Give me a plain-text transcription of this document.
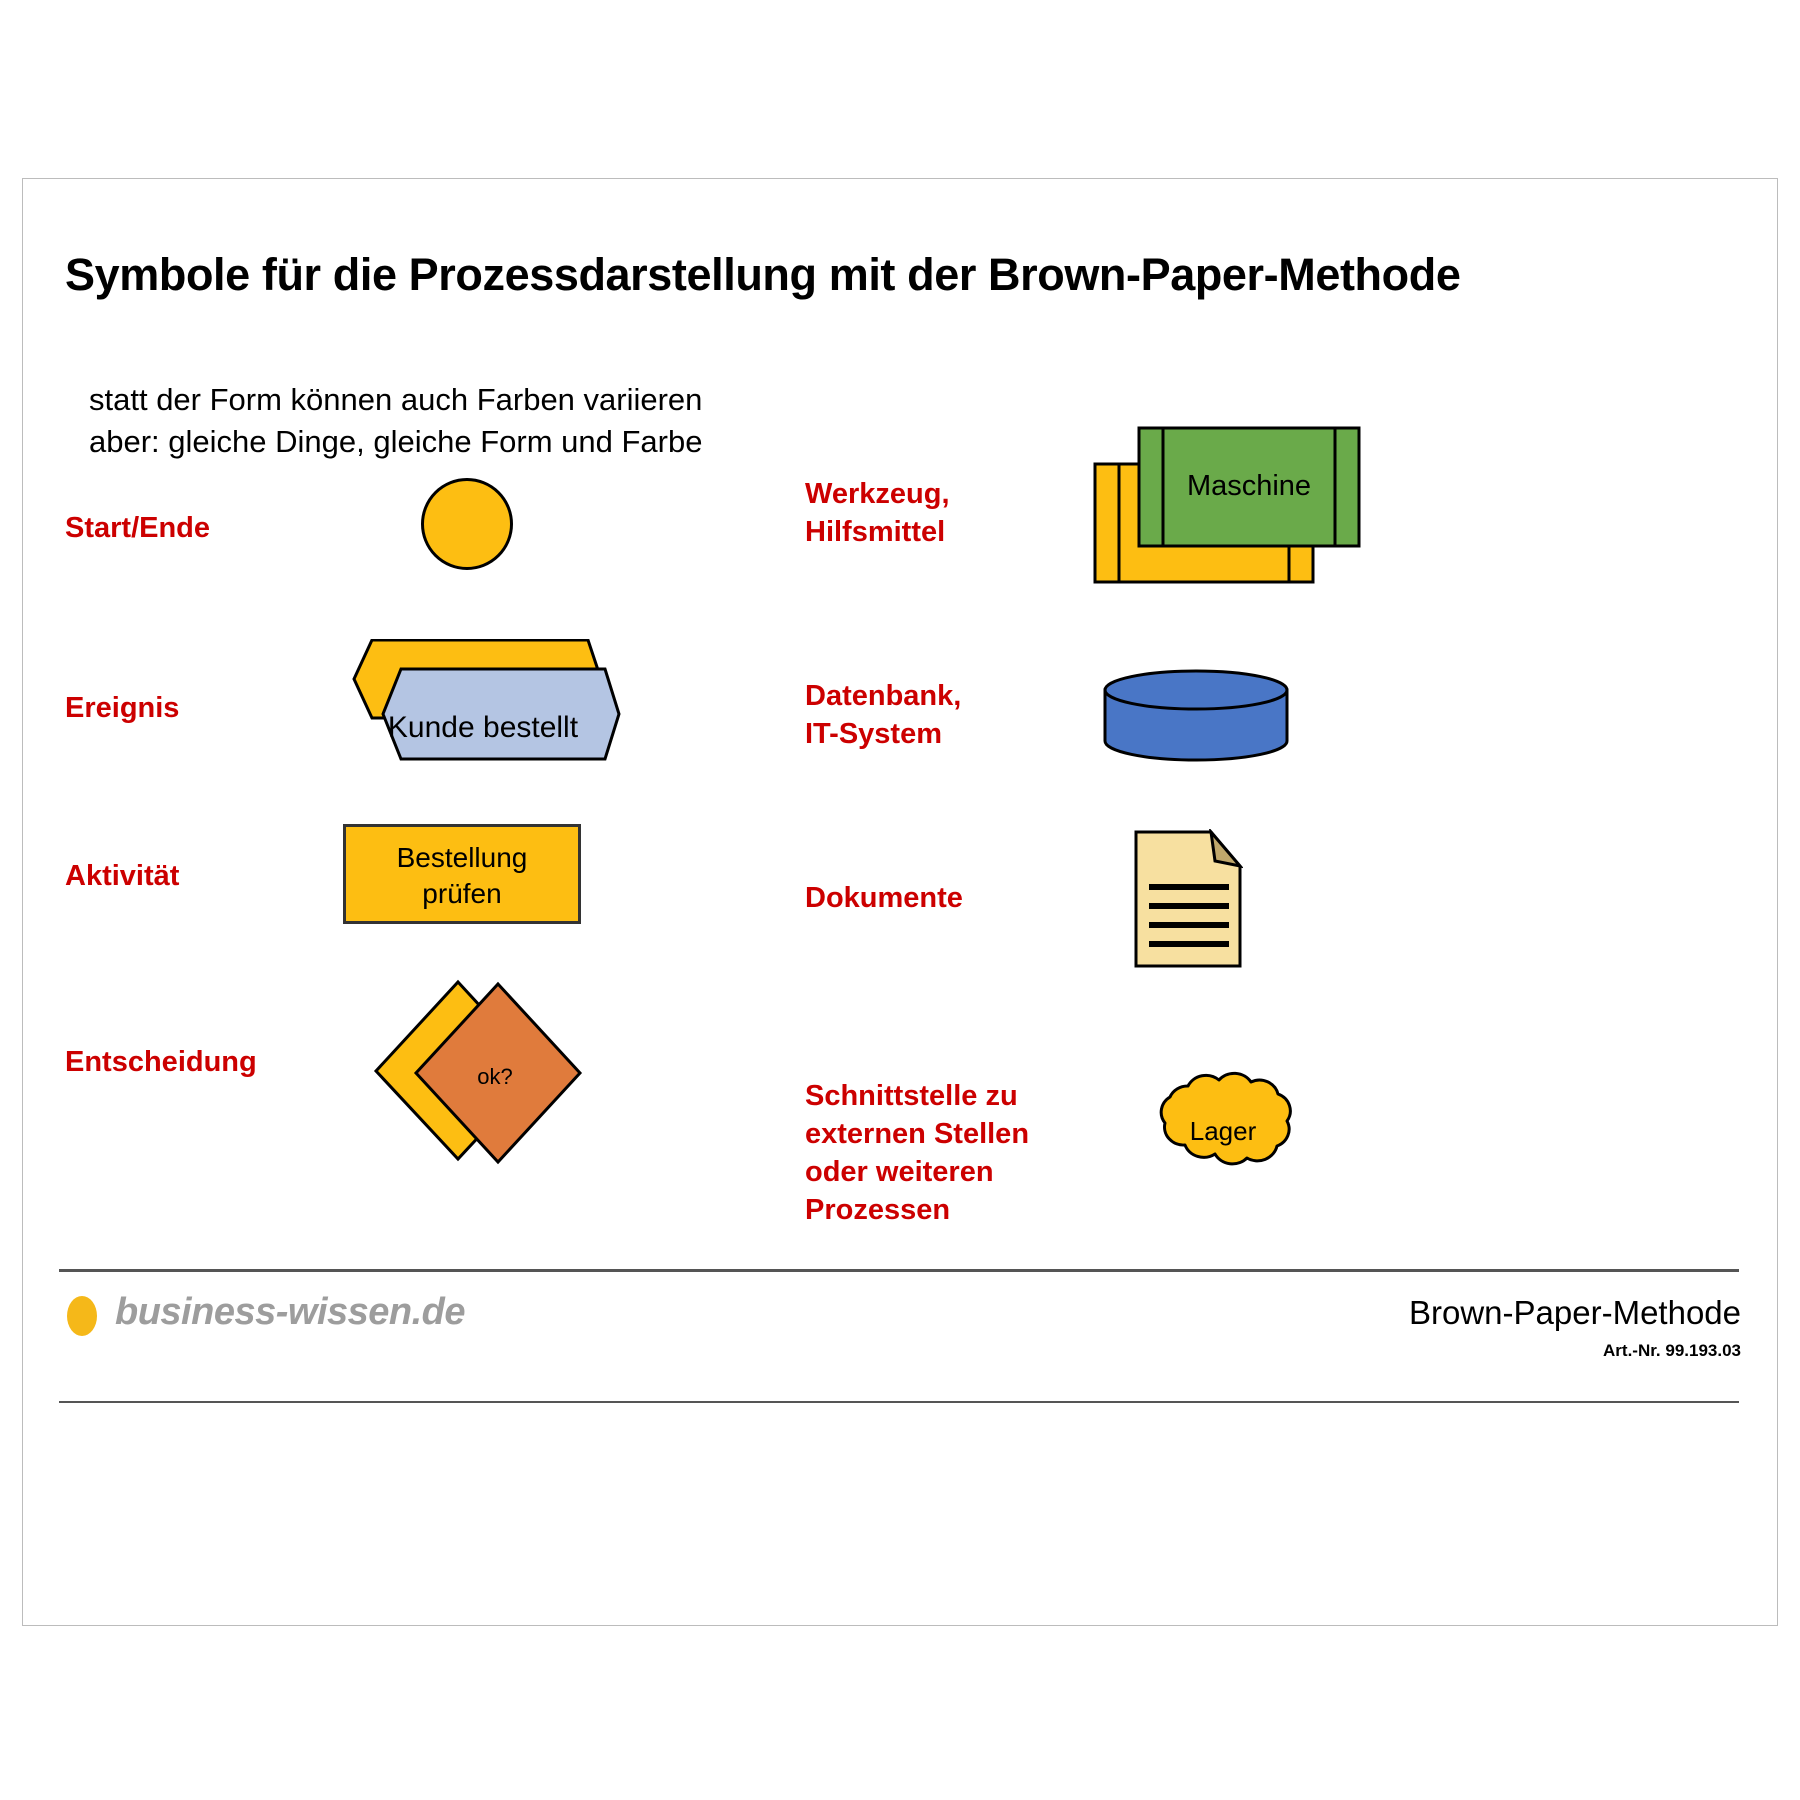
Symbole für die Prozessdarstellung mit der Brown-Paper-Methode
statt der Form können auch Farben variieren
aber: gleiche Dinge, gleiche Form und Farbe
Start/Ende
Ereignis
Kunde bestellt
Aktivität
Bestellung
prüfen
Entscheidung	ok?
Werkzeug,
Hilfsmittel
Maschine
Datenbank,
IT-System
Dokumente
Schnittstelle zu
externen Stellen
oder weiteren
Prozessen
Lager
business-wissen.de	Brown-Paper-Methode
Art.-Nr. 99.193.03
